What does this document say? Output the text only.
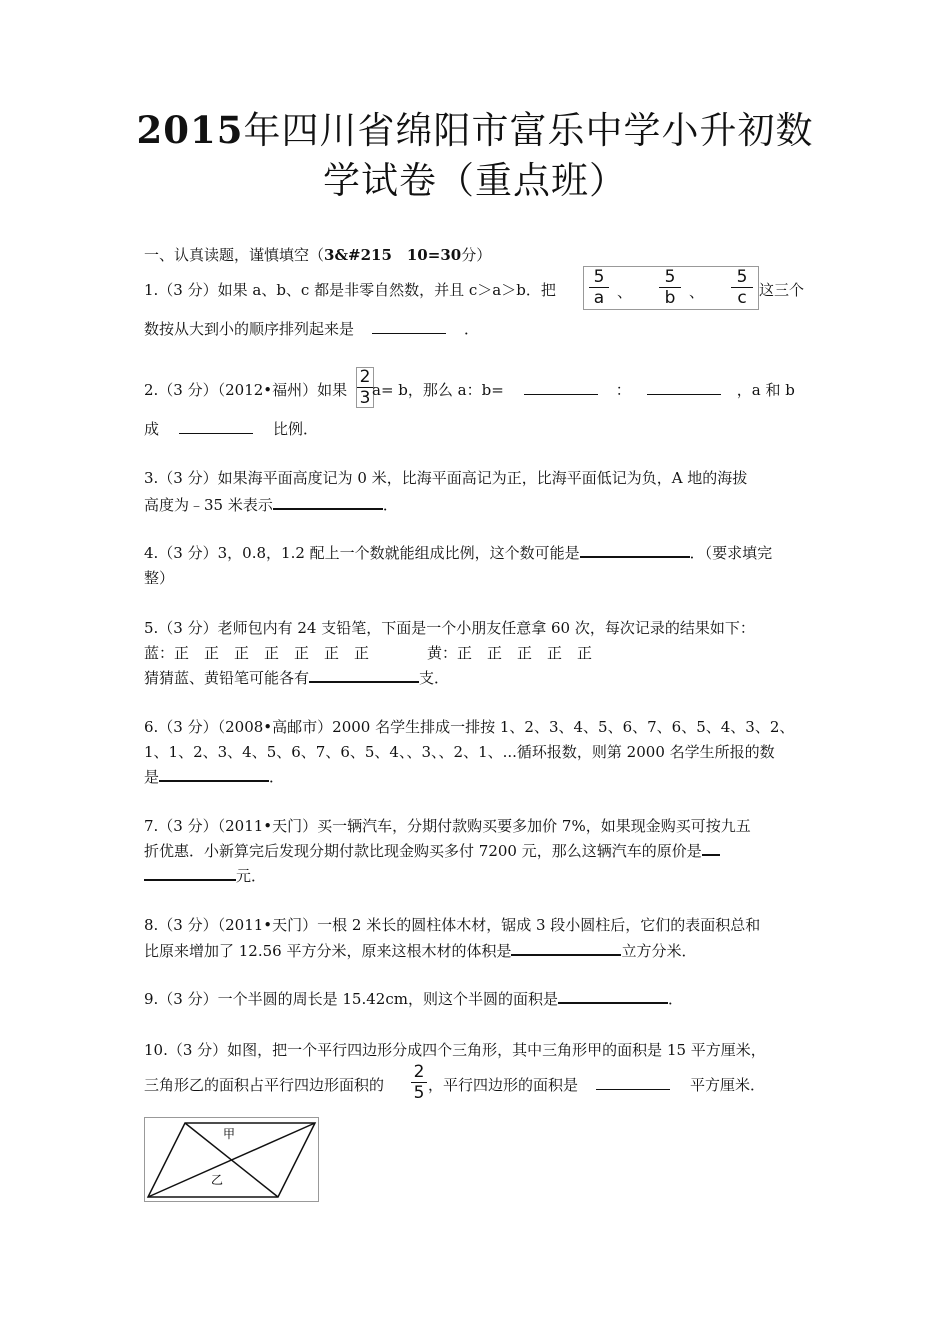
2015年四川省绵阳市富乐中学小升初数
学试卷（重点班）
一、认真读题，谨慎填空（3&#215　10=30分）
1.（3 分）如果 a、b、c 都是非零自然数，并且 c＞a＞b．把
5
a 、
5
b 、
5
c 这三个
数按从大到小的顺序排列起来是	．
2.（3 分）（2012•福州）如果
2
3 a= b，那么 a：b=	：	，a 和 b
成	比例．
3.（3 分）如果海平面高度记为 0 米，比海平面高记为正，比海平面低记为负，A 地的海拔
高度为﹣35 米表示	．
4.（3 分）3，0.8，1.2 配上一个数就能组成比例，这个数可能是	．（要求填完
整）
5.（3 分）老师包内有 24 支铅笔，下面是一个小朋友任意拿 60 次，每次记录的结果如下：
蓝：正　正　正　正　正　正　正	黄：正　正　正　正　正
猜猜蓝、黄铅笔可能各有	支．
6.（3 分）（2008•高邮市）2000 名学生排成一排按 1、2、3、4、5、6、7、6、5、4、3、2、
1、1、2、3、4、5、6、7、6、5、4、、3、、2、1、...循环报数，则第 2000 名学生所报的数
是	．
7.（3 分）（2011•天门）买一辆汽车，分期付款购买要多加价 7%，如果现金购买可按九五
折优惠．小新算完后发现分期付款比现金购买多付 7200 元，那么这辆汽车的原价是
元．
8.（3 分）（2011•天门）一根 2 米长的圆柱体木材，锯成 3 段小圆柱后，它们的表面积总和
比原来增加了 12.56 平方分米，原来这根木材的体积是	立方分米．
9.（3 分）一个半圆的周长是 15.42cm，则这个半圆的面积是	．
10.（3 分）如图，把一个平行四边形分成四个三角形，其中三角形甲的面积是 15 平方厘米，
三角形乙的面积占平行四边形面积的
2
5 ，平行四边形的面积是	平方厘米．
甲
乙
